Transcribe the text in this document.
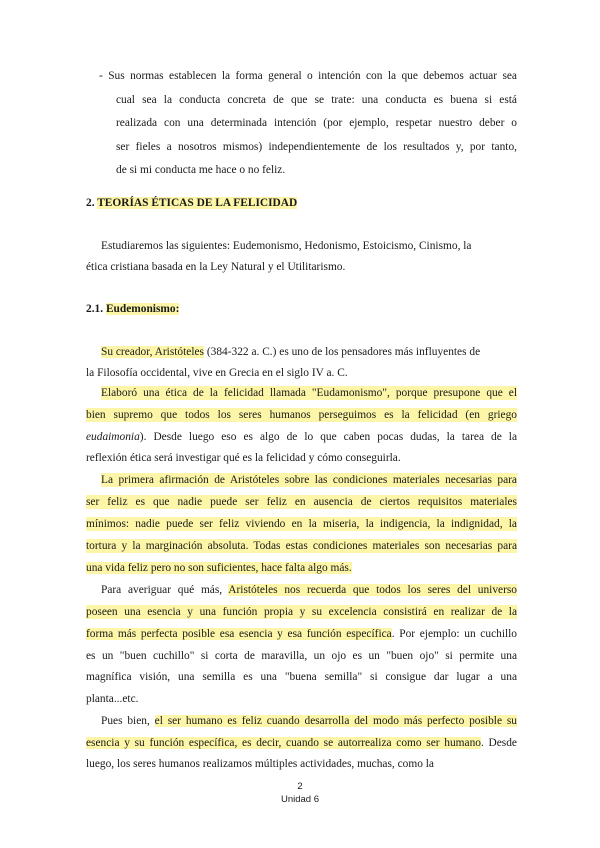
- Sus normas establecen la forma general o intención con la que debemos actuar sea
cual sea la conducta concreta de que se trate: una conducta es buena si está
realizada con una determinada intención (por ejemplo, respetar nuestro deber o
ser fieles a nosotros mismos) independientemente de los resultados y, por tanto,
de si mi conducta me hace o no feliz.
2. TEORÍAS ÉTICAS DE LA FELICIDAD
Estudiaremos las siguientes: Eudemonismo, Hedonismo, Estoicismo, Cinismo, la
ética cristiana basada en la Ley Natural y el Utilitarismo.
2.1. Eudemonismo:
Su creador, Aristóteles (384-322 a. C.) es uno de los pensadores más influyentes de
la Filosofía occidental, vive en Grecia en el siglo IV a. C.
Elaboró una ética de la felicidad llamada "Eudamonismo", porque presupone que el
bien supremo que todos los seres humanos perseguimos es la felicidad (en griego
eudaimonia). Desde luego eso es algo de lo que caben pocas dudas, la tarea de la
reflexión ética será investigar qué es la felicidad y cómo conseguirla.
La primera afirmación de Aristóteles sobre las condiciones materiales necesarias para
ser feliz es que nadie puede ser feliz en ausencia de ciertos requisitos materiales
mínimos: nadie puede ser feliz viviendo en la miseria, la indigencia, la indignidad, la
tortura y la marginación absoluta. Todas estas condiciones materiales son necesarias para
una vida feliz pero no son suficientes, hace falta algo más.
Para averiguar qué más, Aristóteles nos recuerda que todos los seres del universo
poseen una esencia y una función propia y su excelencia consistirá en realizar de la
forma más perfecta posible esa esencia y esa función específica. Por ejemplo: un cuchillo
es un "buen cuchillo" si corta de maravilla, un ojo es un "buen ojo" si permite una
magnífica visión, una semilla es una "buena semilla" si consigue dar lugar a una
planta...etc.
Pues bien, el ser humano es feliz cuando desarrolla del modo más perfecto posible su
esencia y su función específica, es decir, cuando se autorrealiza como ser humano. Desde
luego, los seres humanos realizamos múltiples actividades, muchas, como la
2
Unidad 6
